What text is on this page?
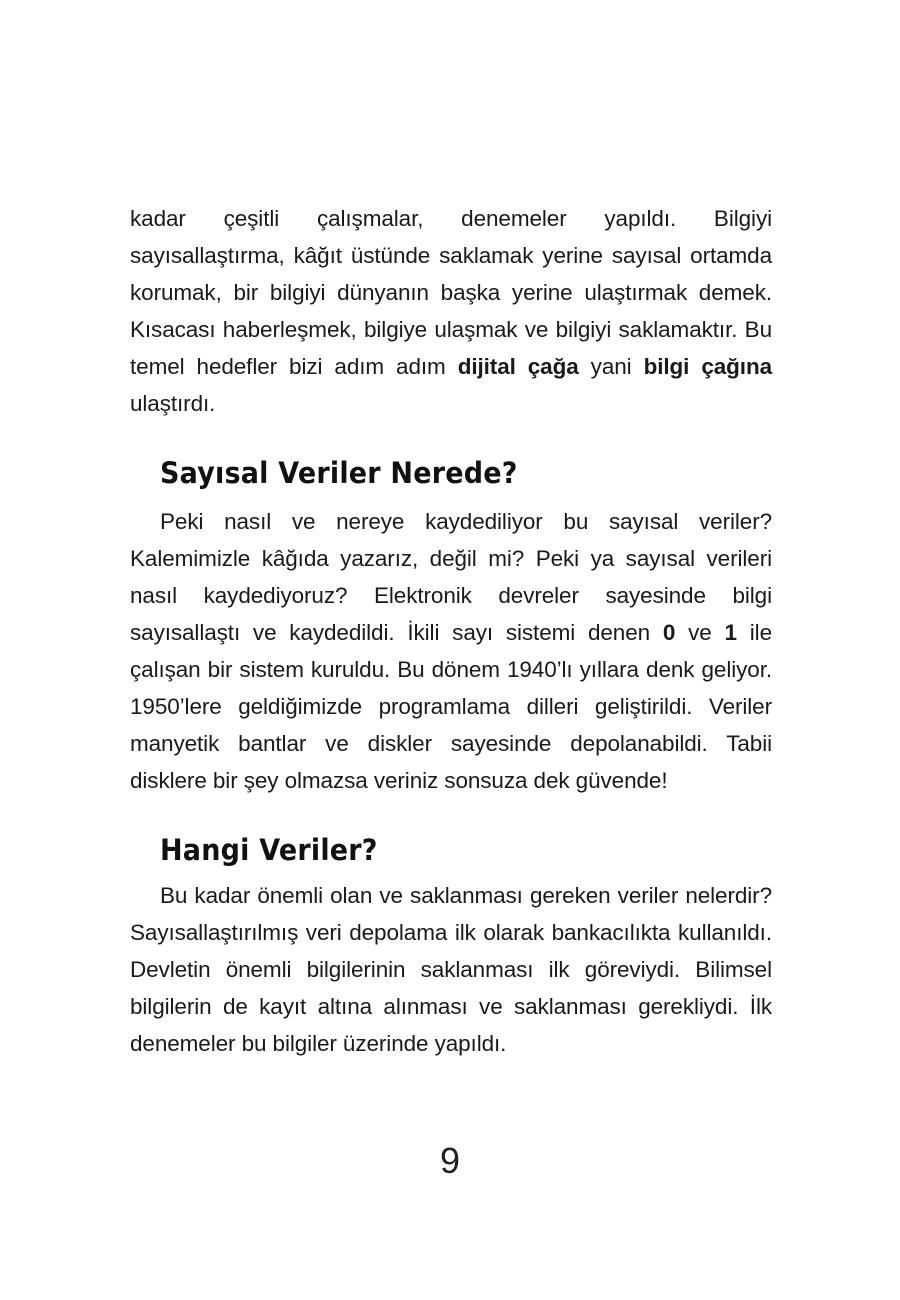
kadar çeşitli çalışmalar, denemeler yapıldı. Bilgiyi sayısallaştırma, kâğıt üstünde saklamak yerine sayısal ortamda korumak, bir bilgiyi dünyanın başka yerine ulaştırmak demek. Kısacası haberleşmek, bilgiye ulaşmak ve bilgiyi saklamaktır. Bu temel hedefler bizi adım adım dijital çağa yani bilgi çağına ulaştırdı.

Sayısal Veriler Nerede?

Peki nasıl ve nereye kaydediliyor bu sayısal veriler? Kalemimizle kâğıda yazarız, değil mi? Peki ya sayısal verileri nasıl kaydediyoruz? Elektronik devreler sayesinde bilgi sayısallaştı ve kaydedildi. İkili sayı sistemi denen 0 ve 1 ile çalışan bir sistem kuruldu. Bu dönem 1940’lı yıllara denk geliyor. 1950’lere geldiğimizde programlama dilleri geliştirildi. Veriler manyetik bantlar ve diskler sayesinde depolanabildi. Tabii disklere bir şey olmazsa veriniz sonsuza dek güvende!

Hangi Veriler?

Bu kadar önemli olan ve saklanması gereken veriler nelerdir? Sayısallaştırılmış veri depolama ilk olarak bankacılıkta kullanıldı. Devletin önemli bilgilerinin saklanması ilk göreviydi. Bilimsel bilgilerin de kayıt altına alınması ve saklanması gerekliydi. İlk denemeler bu bilgiler üzerinde yapıldı.

9
